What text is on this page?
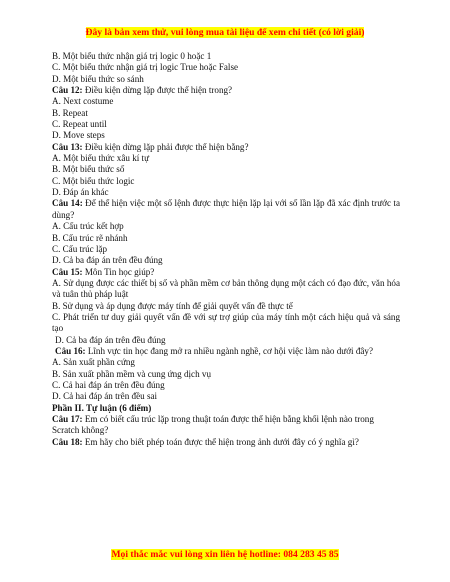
Đây là bản xem thử, vui lòng mua tài liệu để xem chi tiết (có lời giải)
B. Một biểu thức nhận giá trị logic 0 hoặc 1
C. Một biểu thức nhận giá trị logic True hoặc False
D. Một biểu thức so sánh
Câu 12: Điều kiện dừng lặp được thể hiện trong?
A. Next costume
B. Repeat
C. Repeat until
D. Move steps
Câu 13: Điều kiện dừng lặp phải được thể hiện bằng?
A. Một biểu thức xâu kí tự
B. Một biểu thức số
C. Một biểu thức logic
D. Đáp án khác
Câu 14: Để thể hiện việc một số lệnh được thực hiện lặp lại với số lần lặp đã xác định trước ta dùng?
A. Cấu trúc kết hợp
B. Cấu trúc rẽ nhánh
C. Cấu trúc lặp
D. Cả ba đáp án trên đều đúng
Câu 15: Môn Tin học giúp?
A. Sử dụng được các thiết bị số và phần mềm cơ bản thông dụng một cách có đạo đức, văn hóa và tuân thủ pháp luật
B. Sử dụng và áp dụng được máy tính để giải quyết vấn đề thực tế
C. Phát triển tư duy giải quyết vấn đề với sự trợ giúp của máy tính một cách hiệu quả và sáng tạo
D. Cả ba đáp án trên đều đúng
Câu 16: Lĩnh vực tin học đang mở ra nhiều ngành nghề, cơ hội việc làm nào dưới đây?
A. Sản xuất phần cứng
B. Sản xuất phần mềm và cung ứng dịch vụ
C. Cả hai đáp án trên đều đúng
D. Cả hai đáp án trên đều sai
Phần II. Tự luận (6 điểm)
Câu 17: Em có biết cấu trúc lặp trong thuật toán được thể hiện bằng khối lệnh nào trong Scratch không?
Câu 18: Em hãy cho biết phép toán được thể hiện trong ảnh dưới đây có ý nghĩa gì?
Mọi thắc mắc vui lòng xin liên hệ hotline: 084 283 45 85
